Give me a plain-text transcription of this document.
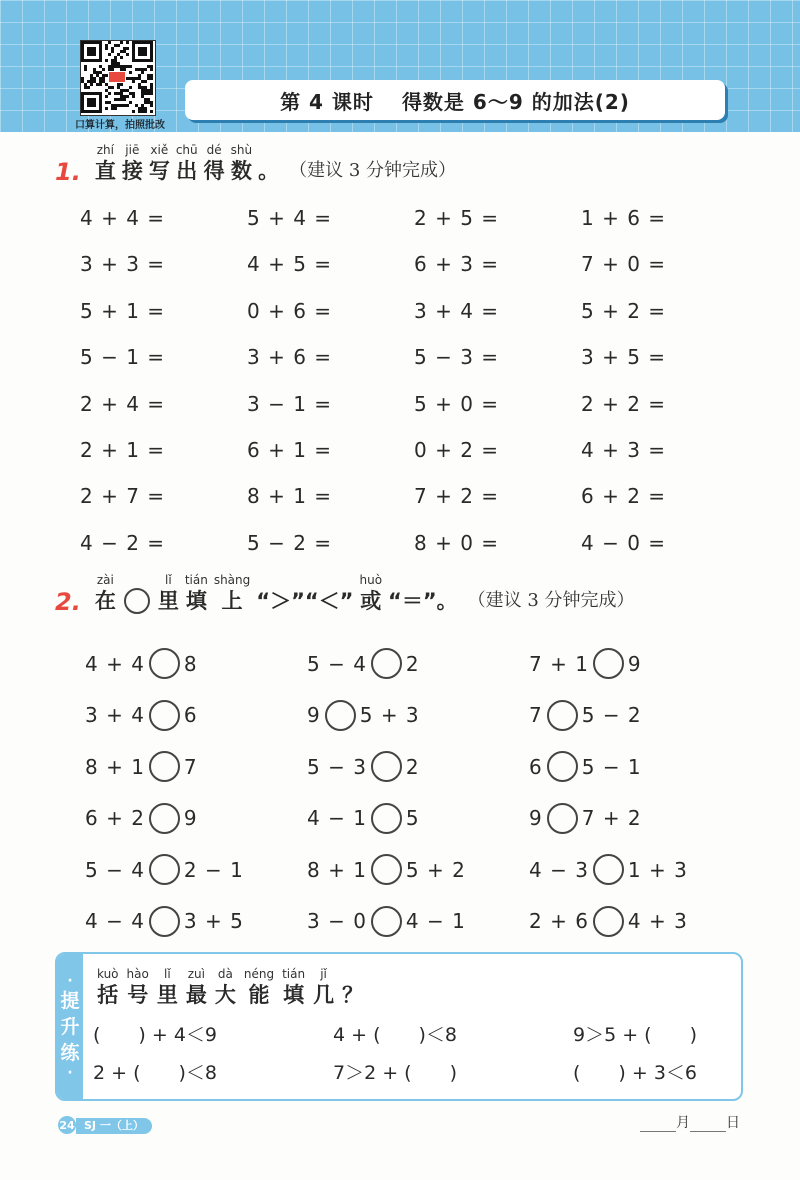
口算计算，拍照批改
第 4 课时 得数是 6～9 的加法(2)
1.
zhí
直
jiē
接
xiě
写
chū
出
dé
得
shù
数 。 （建议 3 分钟完成）
4 + 4 =	5 + 4 =	2 + 5 =	1 + 6 =
3 + 3 =	4 + 5 =	6 + 3 =	7 + 0 =
5 + 1 =	0 + 6 =	3 + 4 =	5 + 2 =
5 − 1 =	3 + 6 =	5 − 3 =	3 + 5 =
2 + 4 =	3 − 1 =	5 + 0 =	2 + 2 =
2 + 1 =	6 + 1 =	0 + 2 =	4 + 3 =
2 + 7 =	8 + 1 =	7 + 2 =	6 + 2 =
4 − 2 =	5 − 2 =	8 + 0 =	4 − 0 =
2.
zài
在
lǐ
里
tián
填
shàng
上 “＞”“＜”
huò
或 “＝”。 （建议 3 分钟完成）
4 + 4 8	5 − 4 2	7 + 1 9
3 + 4 6	9 5 + 3	7 5 − 2
8 + 1 7	5 − 3 2	6 5 − 1
6 + 2 9	4 − 1 5	9 7 + 2
5 − 4 2 − 1	8 + 1 5 + 2	4 − 3 1 + 3
4 − 4 3 + 5	3 − 0 4 − 1	2 + 6 4 + 3
·
提
升
练
·
kuò
括
hào
号
lǐ
里
zuì
最
dà
大
néng
能
tián
填
jǐ
几 ？
(　　) + 4＜9	4 + (　　)＜8	9＞5 + (　　)
2 + (　　)＜8	7＞2 + (　　)	(　　) + 3＜6
24 SJ 一（上）	月	日
